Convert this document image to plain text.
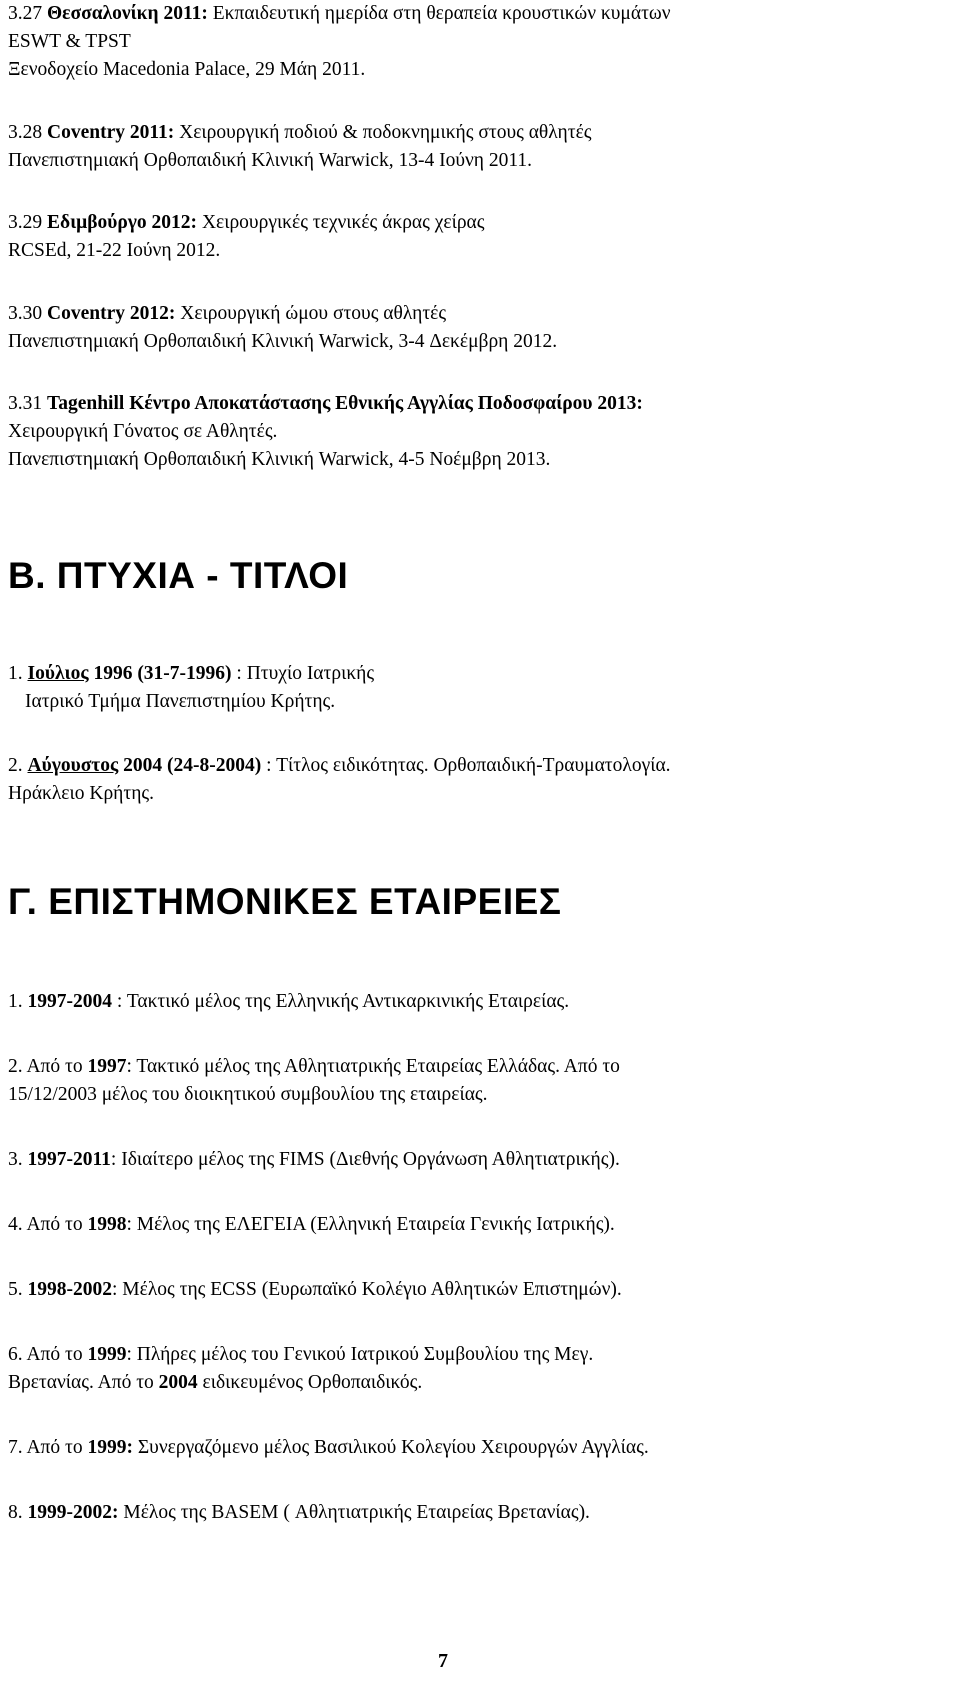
3.27 Θεσσαλονίκη 2011: Εκπαιδευτική ημερίδα στη θεραπεία κρουστικών κυμάτων
ESWT & TPST
Ξενοδοχείο Macedonia Palace, 29 Μάη 2011.
3.28 Coventry 2011: Χειρουργική ποδιού & ποδοκνημικής στους αθλητές
Πανεπιστημιακή Ορθοπαιδική Κλινική Warwick, 13-4 Ιούνη 2011.
3.29 Εδιμβούργο 2012: Χειρουργικές τεχνικές άκρας χείρας
RCSEd, 21-22 Ιούνη 2012.
3.30 Coventry 2012: Χειρουργική ώμου στους αθλητές
Πανεπιστημιακή Ορθοπαιδική Κλινική Warwick, 3-4 Δεκέμβρη 2012.
3.31 Tagenhill Κέντρο Αποκατάστασης Εθνικής Αγγλίας Ποδοσφαίρου 2013:
Χειρουργική Γόνατος σε Αθλητές.
Πανεπιστημιακή Ορθοπαιδική Κλινική Warwick, 4-5 Νοέμβρη 2013.
Β. ΠΤΥΧΙΑ - ΤΙΤΛΟΙ
1. Ιούλιος 1996 (31-7-1996) : Πτυχίο Ιατρικής
Ιατρικό Τμήμα Πανεπιστημίου Κρήτης.
2. Αύγουστος 2004 (24-8-2004) : Τίτλος ειδικότητας. Ορθοπαιδική-Τραυματολογία.
Ηράκλειο Κρήτης.
Γ. ΕΠΙΣΤΗΜΟΝΙΚΕΣ ΕΤΑΙΡΕΙΕΣ
1. 1997-2004 : Τακτικό μέλος της Ελληνικής Αντικαρκινικής Εταιρείας.
2. Από το 1997: Τακτικό μέλος της Αθλητιατρικής Εταιρείας Ελλάδας. Από το
15/12/2003 μέλος του διοικητικού συμβουλίου της εταιρείας.
3. 1997-2011: Ιδιαίτερο μέλος της FIMS (Διεθνής Οργάνωση Αθλητιατρικής).
4. Από το 1998: Μέλος της ΕΛΕΓΕΙΑ (Ελληνική Εταιρεία Γενικής Ιατρικής).
5. 1998-2002: Μέλος της ECSS (Ευρωπαϊκό Κολέγιο Αθλητικών Επιστημών).
6. Από το 1999: Πλήρες μέλος του Γενικού Ιατρικού Συμβουλίου της Μεγ.
Βρετανίας. Από το 2004 ειδικευμένος Ορθοπαιδικός.
7. Από το 1999: Συνεργαζόμενο μέλος Βασιλικού Κολεγίου Χειρουργών Αγγλίας.
8. 1999-2002: Μέλος της BASEM ( Αθλητιατρικής Εταιρείας Βρετανίας).
7
